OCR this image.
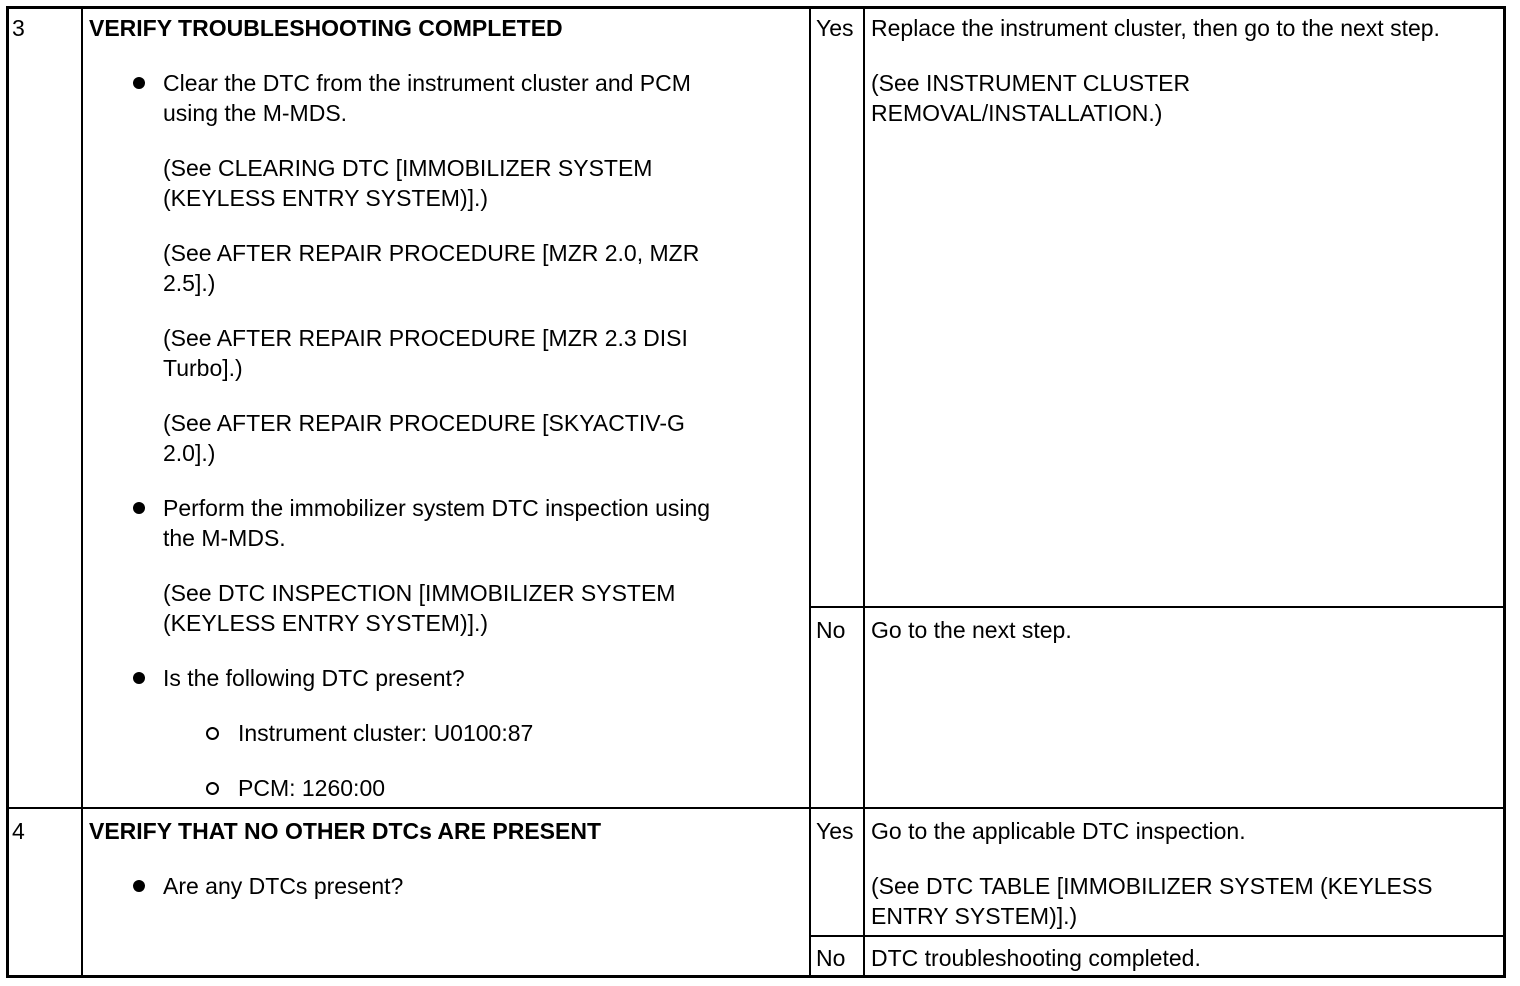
3	VERIFY TROUBLESHOOTING COMPLETED
Clear the DTC from the instrument cluster and PCM
using the M-MDS.
(See CLEARING DTC [IMMOBILIZER SYSTEM
(KEYLESS ENTRY SYSTEM)].)
(See AFTER REPAIR PROCEDURE [MZR 2.0, MZR
2.5].)
(See AFTER REPAIR PROCEDURE [MZR 2.3 DISI
Turbo].)
(See AFTER REPAIR PROCEDURE [SKYACTIV-G
2.0].)
Perform the immobilizer system DTC inspection using
the M-MDS.
(See DTC INSPECTION [IMMOBILIZER SYSTEM
(KEYLESS ENTRY SYSTEM)].)
Is the following DTC present?
Instrument cluster: U0100:87
PCM: 1260:00
Yes Replace the instrument cluster, then go to the next step.
(See INSTRUMENT CLUSTER
REMOVAL/INSTALLATION.)
No Go to the next step.
4	VERIFY THAT NO OTHER DTCs ARE PRESENT
Are any DTCs present?
Yes Go to the applicable DTC inspection.
(See DTC TABLE [IMMOBILIZER SYSTEM (KEYLESS
ENTRY SYSTEM)].)
No DTC troubleshooting completed.
